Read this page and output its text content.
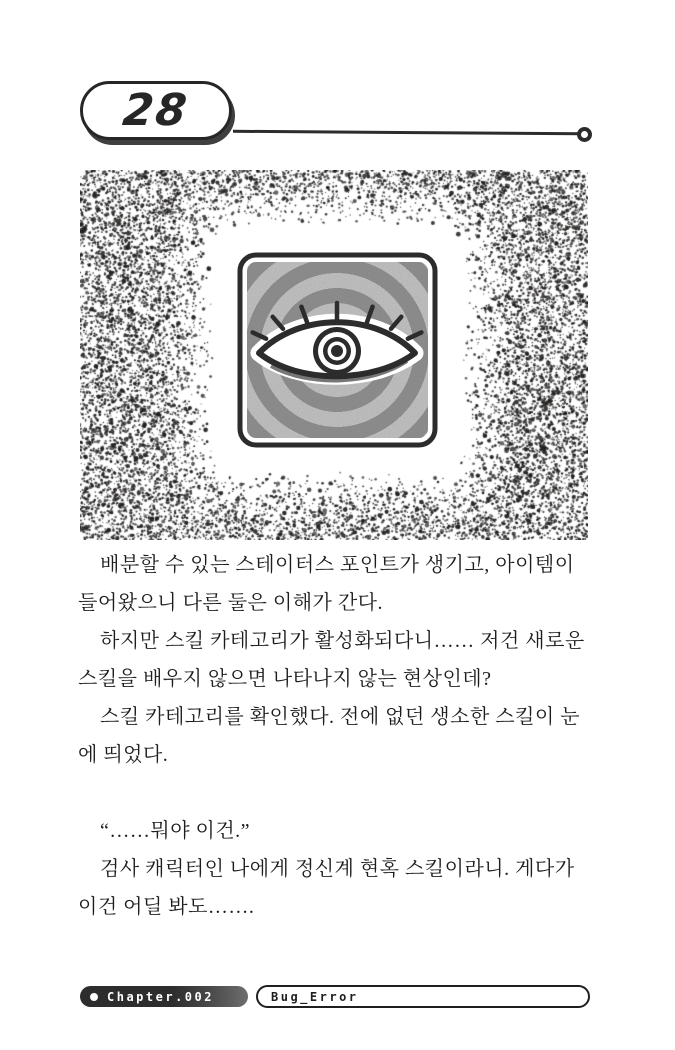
28
배분할 수 있는 스테이터스 포인트가 생기고, 아이템이
들어왔으니 다른 둘은 이해가 간다.
하지만 스킬 카테고리가 활성화되다니…… 저건 새로운
스킬을 배우지 않으면 나타나지 않는 현상인데?
스킬 카테고리를 확인했다. 전에 없던 생소한 스킬이 눈
에 띄었다.
“……뭐야 이건.”
검사 캐릭터인 나에게 정신계 현혹 스킬이라니. 게다가
이건 어딜 봐도…….
Chapter.002	Bug_Error
